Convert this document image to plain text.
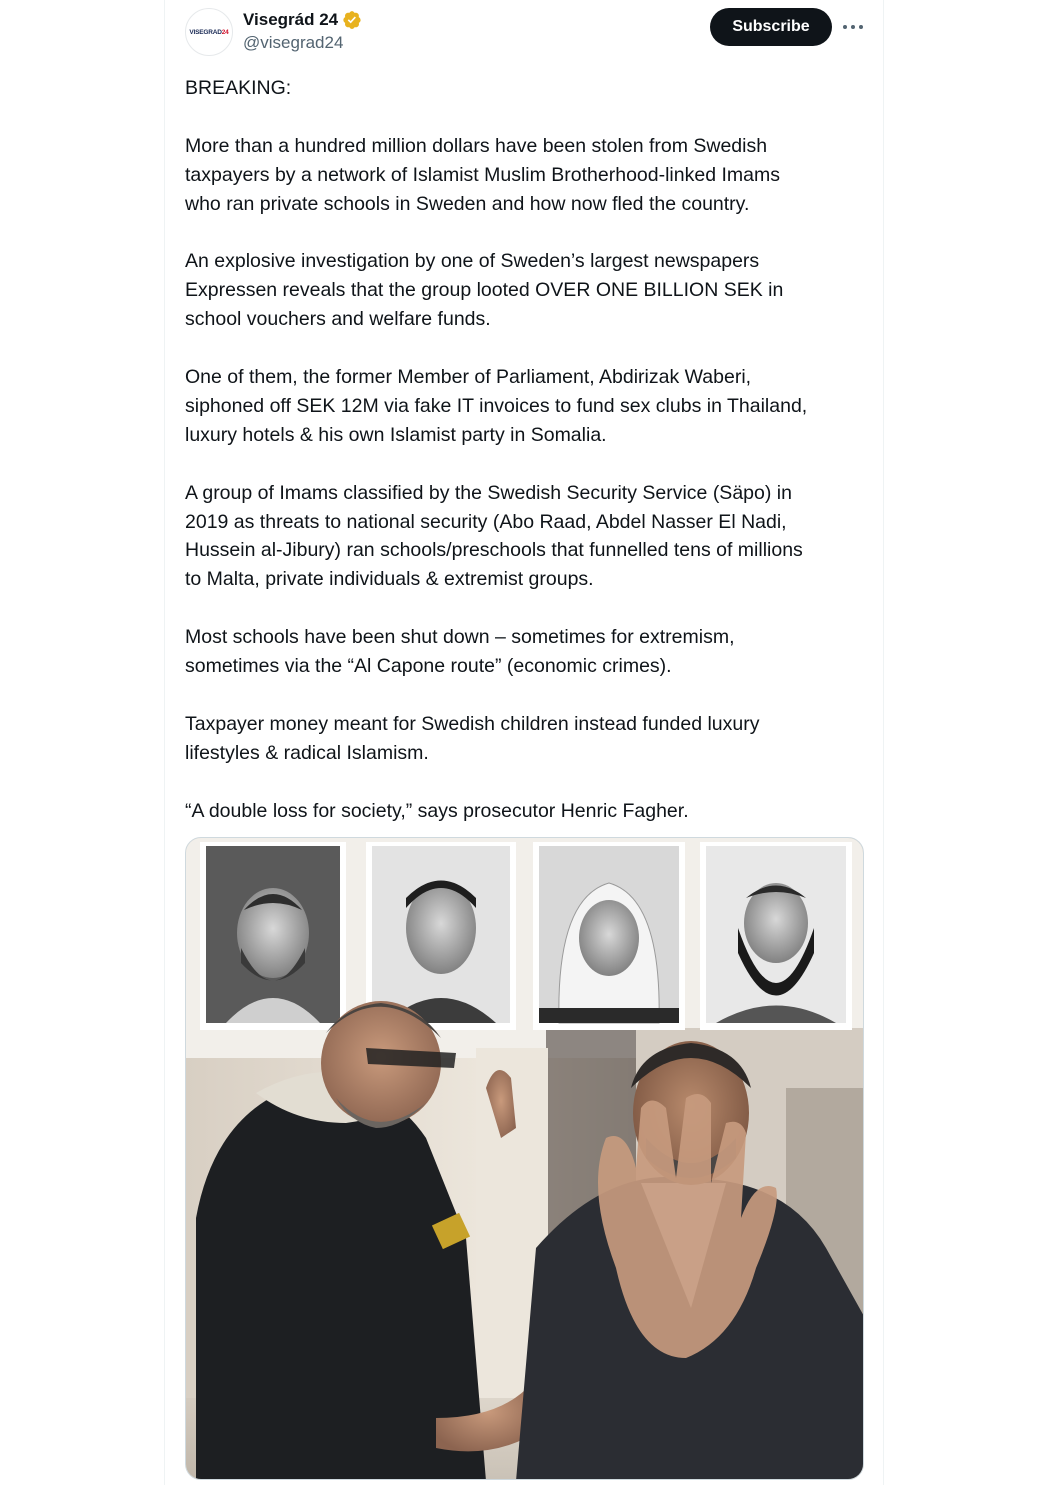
VISEGRAD24
Visegrád 24
@visegrad24
Subscribe

BREAKING:

More than a hundred million dollars have been stolen from Swedish
taxpayers by a network of Islamist Muslim Brotherhood-linked Imams
who ran private schools in Sweden and how now fled the country.

An explosive investigation by one of Sweden’s largest newspapers
Expressen reveals that the group looted OVER ONE BILLION SEK in
school vouchers and welfare funds.

One of them, the former Member of Parliament, Abdirizak Waberi,
siphoned off SEK 12M via fake IT invoices to fund sex clubs in Thailand,
luxury hotels & his own Islamist party in Somalia.

A group of Imams classified by the Swedish Security Service (Säpo) in
2019 as threats to national security (Abo Raad, Abdel Nasser El Nadi,
Hussein al-Jibury) ran schools/preschools that funnelled tens of millions
to Malta, private individuals & extremist groups.

Most schools have been shut down – sometimes for extremism,
sometimes via the “Al Capone route” (economic crimes).

Taxpayer money meant for Swedish children instead funded luxury
lifestyles & radical Islamism.

“A double loss for society,” says prosecutor Henric Fagher.
